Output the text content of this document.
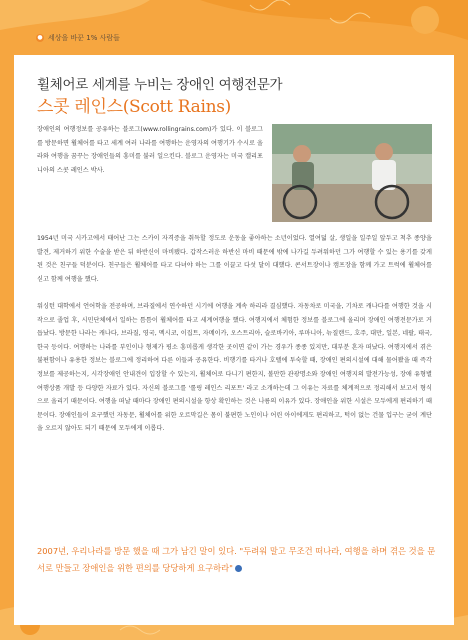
● 세상을 바꾼 1% 사람들
휠체어로 세계를 누비는 장애인 여행전문가
스콧 레인스(Scott Rains)

장애인의 여행정보를 공유하는 블로그(www.rollingrains.com)가 있다. 이 블로그를 방문하면 휠체어를 타고 세계 여러 나라를 여행하는 운영자의 여행기가 수시로 올라와 여행을 꿈꾸는 장애인들의 흥미를 불러 일으킨다. 블로그 운영자는 미국 캘리포니아의 스콧 레인스 박사.

1954년 미국 시카고에서 태어난 그는 스카이 자격증을 취득할 정도로 운동을 좋아하는 소년이었다. 열여덟 살, 생일을 일주일 앞두고 척추 종양을 발견, 제거하기 위한 수술을 받은 뒤 하반신이 마비됐다. 갑작스러운 하반신 마비 때문에 밖에 나가길 두려워하던 그가 여행할 수 있는 용기를 갖게 된 것은 친구들 덕분이다. 친구들은 휠체어를 타고 다녀야 하는 그를 이끌고 다섯 달이 대했다. 콘서트장이나 캠프장을 함께 가고 트럭에 휠체어를 싣고 함께 여행을 했다.

워싱턴 대학에서 언어학을 전공하며, 브라질에서 연수하던 시기에 여행을 계속 하리라 결심했다. 자동차로 미국을, 기차로 캐나다를 여행한 것을 시작으로 졸업 후, 시민단체에서 일하는 틈틈이 휠체어를 타고 세계여행을 했다. 여행지에서 체험한 정보를 블로그에 올리며 장애인 여행전문가로 거듭났다. 방문한 나라는 캐나다, 브라질, 영국, 멕시코, 이집트, 자메이카, 오스트리아, 슬로바키아, 루마니아, 뉴질랜드, 호주, 대만, 일본, 네팔, 태국, 한국 등이다. 여행하는 나라를 부인이나 형제가 평소 흥미롭게 생각한 곳이면 같이 가는 경우가 종종 있지만, 대부분 혼자 떠났다. 여행지에서 겪은 불편함이나 유용한 정보는 블로그에 정리하여 다른 이들과 공유한다. 비행기를 타거나 호텔에 투숙할 때, 장애인 편의시설에 대해 물어봤을 때 즉각 정보를 제공하는지, 시각장애인 안내견이 입장할 수 있는지, 휠체어로 다니기 편한지, 볼만한 관광명소와 장애인 여행지의 발전가능성, 장애 유형별 여행상품 개발 등 다양한 자료가 있다. 자신의 블로그를 '롤링 레인스 리포트' 라고 소개하는데 그 이유는 자료를 체계적으로 정리해서 보고서 형식으로 올리기 때문이다. 여행을 떠날 때마다 장애인 편의시설을 항상 확인하는 것은 나름의 이유가 있다. 장애인을 위한 시설은 모두에게 편리하기 때문이다. 장애인들이 요구했던 자동문, 휠체어를 위한 오르막길은 몸이 불편한 노인이나 어린 아이에게도 편리하고, 턱이 없는 건물 입구는 굳이 계단을 오르지 않아도 되기 때문에 모두에게 이롭다.

2007년, 우리나라를 방문 했을 때 그가 남긴 말이 있다. "두려워 말고 무조건 떠나라, 여행을 하며 겪은 것을 문서로 만들고 장애인을 위한 편의를 당당하게 요구하라"
